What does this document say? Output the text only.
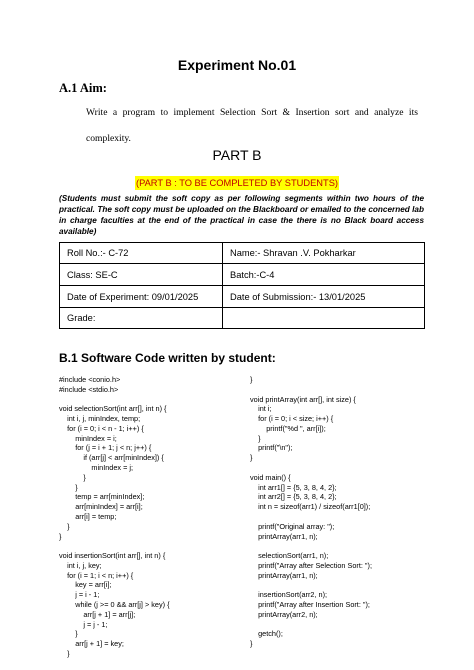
Experiment No.01
A.1 Aim:
Write a program to implement Selection Sort & Insertion sort and analyze its complexity.
PART B
(PART B : TO BE COMPLETED BY STUDENTS)
(Students must submit the soft copy as per following segments within two hours of the practical. The soft copy must be uploaded on the Blackboard or emailed to the concerned lab in charge faculties at the end of the practical in case the there is no Black board access available)
Roll No.:- C-72	Name:- Shravan .V. Pokharkar
Class: SE-C	Batch:-C-4
Date of Experiment: 09/01/2025	Date of Submission:- 13/01/2025
Grade:	
B.1 Software Code written by student:
#include <conio.h>
#include <stdio.h>

void selectionSort(int arr[], int n) {
int i, j, minIndex, temp;
for (i = 0; i < n - 1; i++) {
minIndex = i;
for (j = i + 1; j < n; j++) {
if (arr[j] < arr[minIndex]) {
minIndex = j;
}
}
temp = arr[minIndex];
arr[minIndex] = arr[i];
arr[i] = temp;
}
}

void insertionSort(int arr[], int n) {
int i, j, key;
for (i = 1; i < n; i++) {
key = arr[i];
j = i - 1;
while (j >= 0 && arr[j] > key) {
arr[j + 1] = arr[j];
j = j - 1;
}
arr[j + 1] = key;
}
}

void printArray(int arr[], int size) {
int i;
for (i = 0; i < size; i++) {
printf("%d ", arr[i]);
}
printf("\n");
}

void main() {
int arr1[] = {5, 3, 8, 4, 2};
int arr2[] = {5, 3, 8, 4, 2};
int n = sizeof(arr1) / sizeof(arr1[0]);

printf("Original array: ");
printArray(arr1, n);

selectionSort(arr1, n);
printf("Array after Selection Sort: ");
printArray(arr1, n);

insertionSort(arr2, n);
printf("Array after Insertion Sort: ");
printArray(arr2, n);

getch();
}
